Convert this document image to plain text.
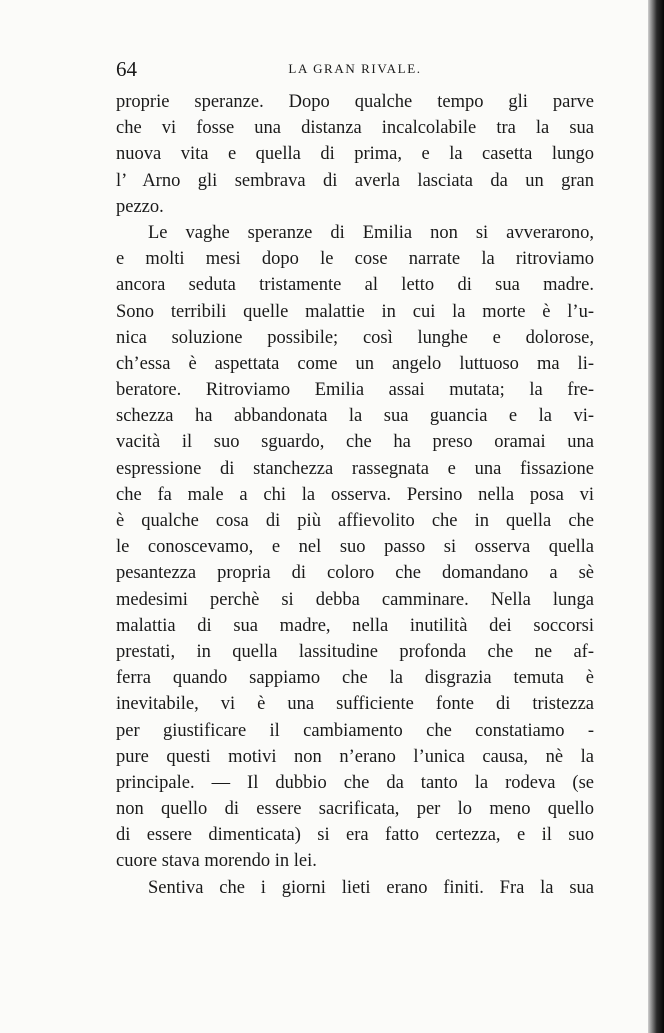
64	LA GRAN RIVALE.
proprie speranze. Dopo qualche tempo gli parve
che vi fosse una distanza incalcolabile tra la sua
nuova vita e quella di prima, e la casetta lungo
l’ Arno gli sembrava di averla lasciata da un gran
pezzo.
Le vaghe speranze di Emilia non si avverarono,
e molti mesi dopo le cose narrate la ritroviamo
ancora seduta tristamente al letto di sua madre.
Sono terribili quelle malattie in cui la morte è l’u-
nica soluzione possibile; così lunghe e dolorose,
ch’essa è aspettata come un angelo luttuoso ma li-
beratore. Ritroviamo Emilia assai mutata; la fre-
schezza ha abbandonata la sua guancia e la vi-
vacità il suo sguardo, che ha preso oramai una
espressione di stanchezza rassegnata e una fissazione
che fa male a chi la osserva. Persino nella posa vi
è qualche cosa di più affievolito che in quella che
le conoscevamo, e nel suo passo si osserva quella
pesantezza propria di coloro che domandano a sè
medesimi perchè si debba camminare. Nella lunga
malattia di sua madre, nella inutilità dei soccorsi
prestati, in quella lassitudine profonda che ne af-
ferra quando sappiamo che la disgrazia temuta è
inevitabile, vi è una sufficiente fonte di tristezza
per giustificare il cambiamento che constatiamo -
pure questi motivi non n’erano l’unica causa, nè la
principale. — Il dubbio che da tanto la rodeva (se
non quello di essere sacrificata, per lo meno quello
di essere dimenticata) si era fatto certezza, e il suo
cuore stava morendo in lei.
Sentiva che i giorni lieti erano finiti. Fra la sua
